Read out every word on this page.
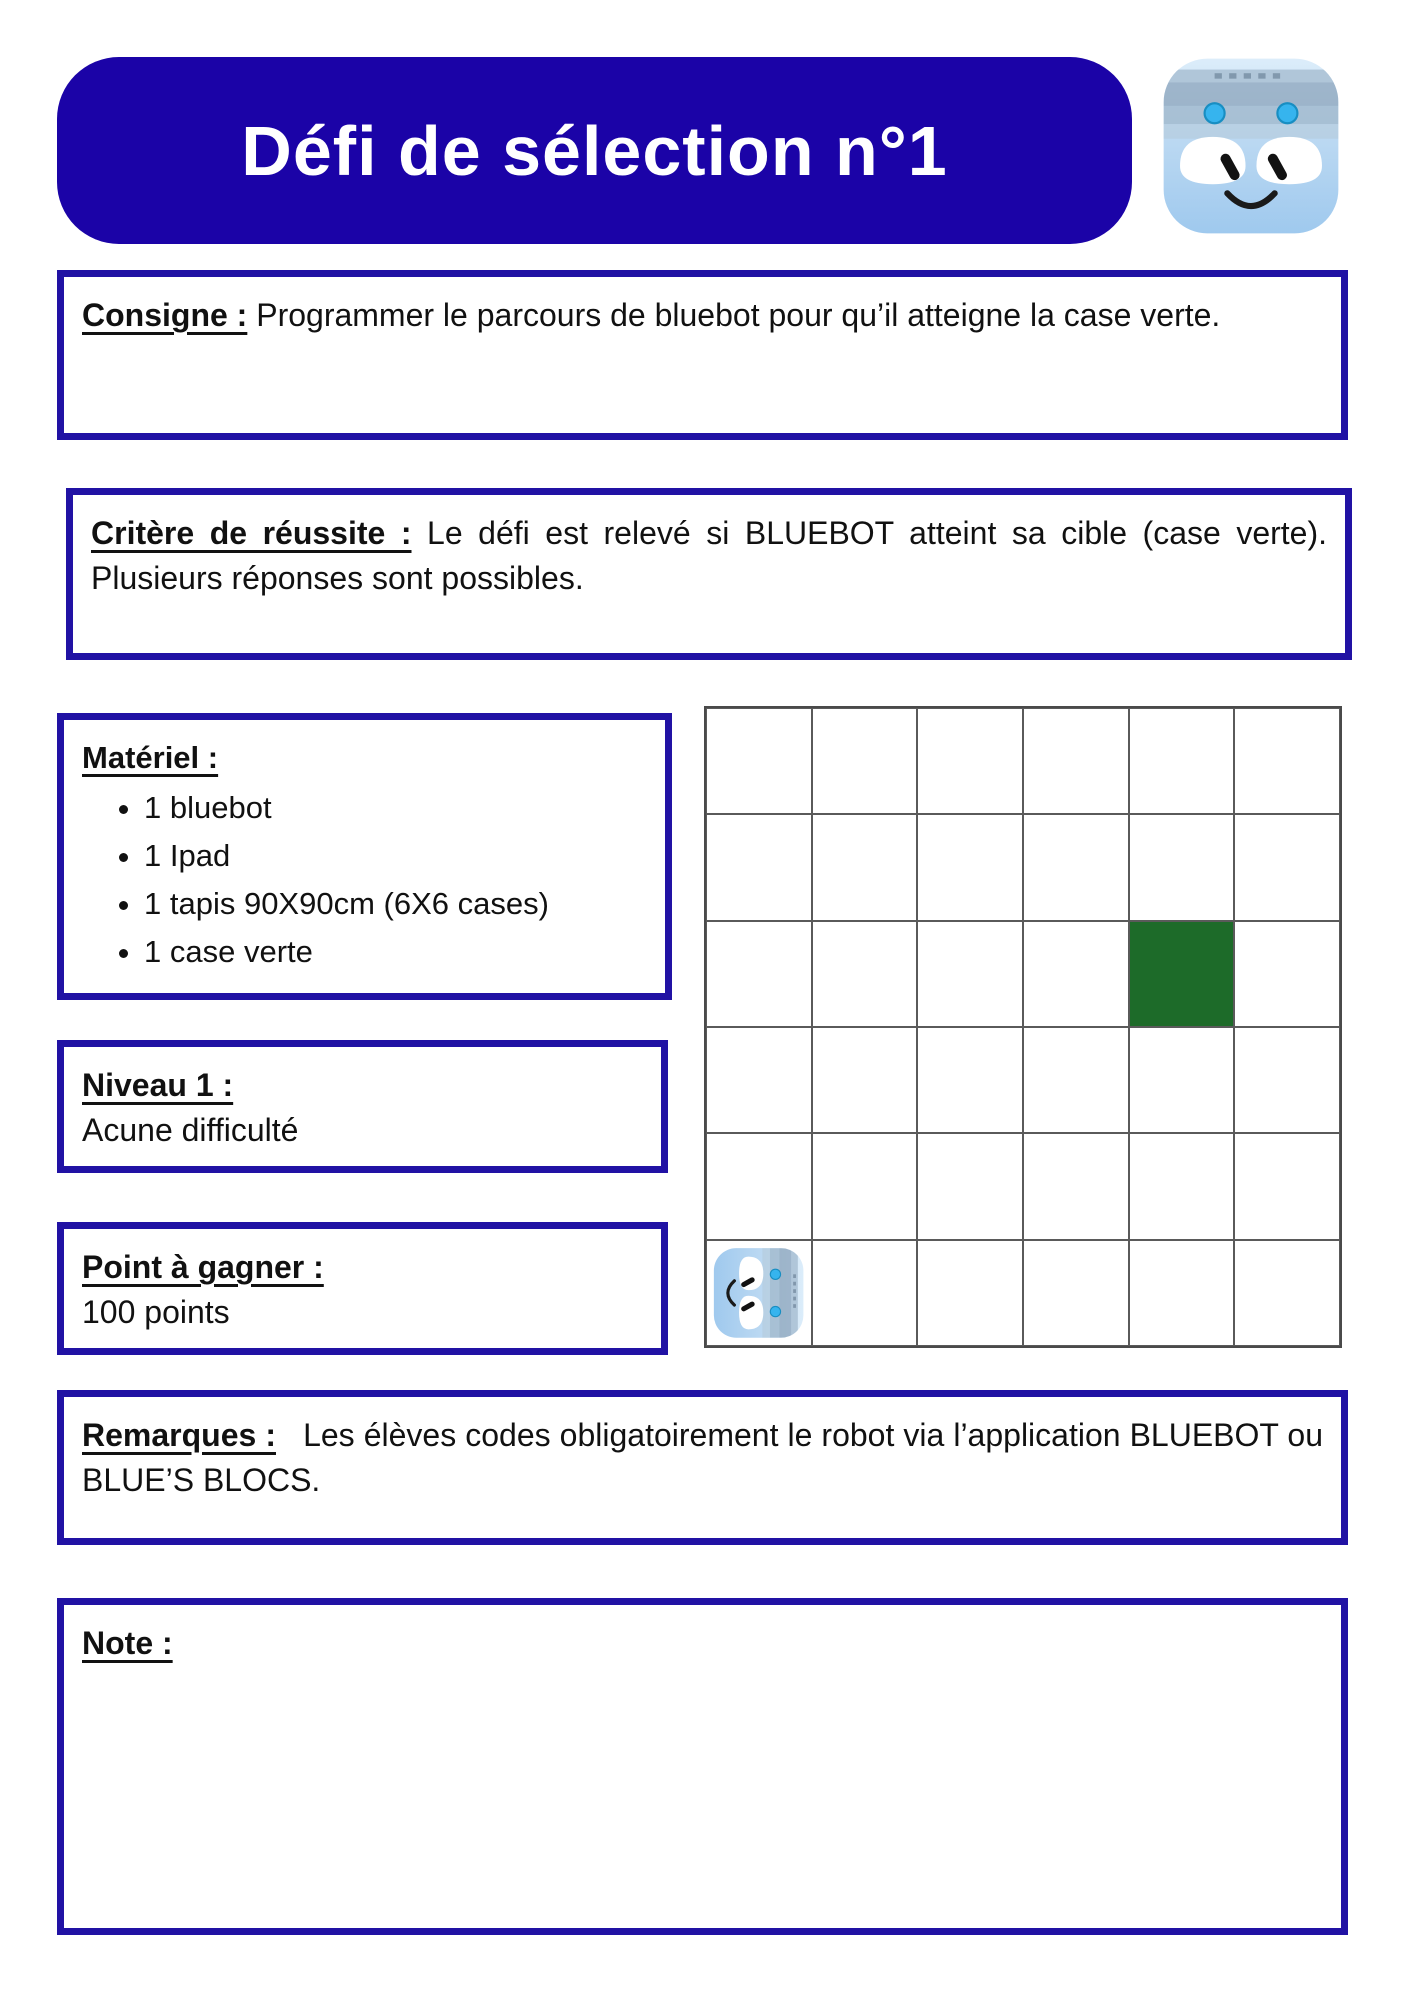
Défi de sélection n°1

Consigne : Programmer le parcours de bluebot pour qu’il atteigne la case verte.

Critère de réussite : Le défi est relevé si BLUEBOT atteint sa cible (case verte). Plusieurs réponses sont possibles.

Matériel :

• 1 bluebot
• 1 Ipad
• 1 tapis 90X90cm (6X6 cases)
• 1 case verte

Niveau 1 :

Acune difficulté

Point à gagner :

100 points

Remarques : Les élèves codes obligatoirement le robot via l’application BLUEBOT ou BLUE’S BLOCS.

Note :
